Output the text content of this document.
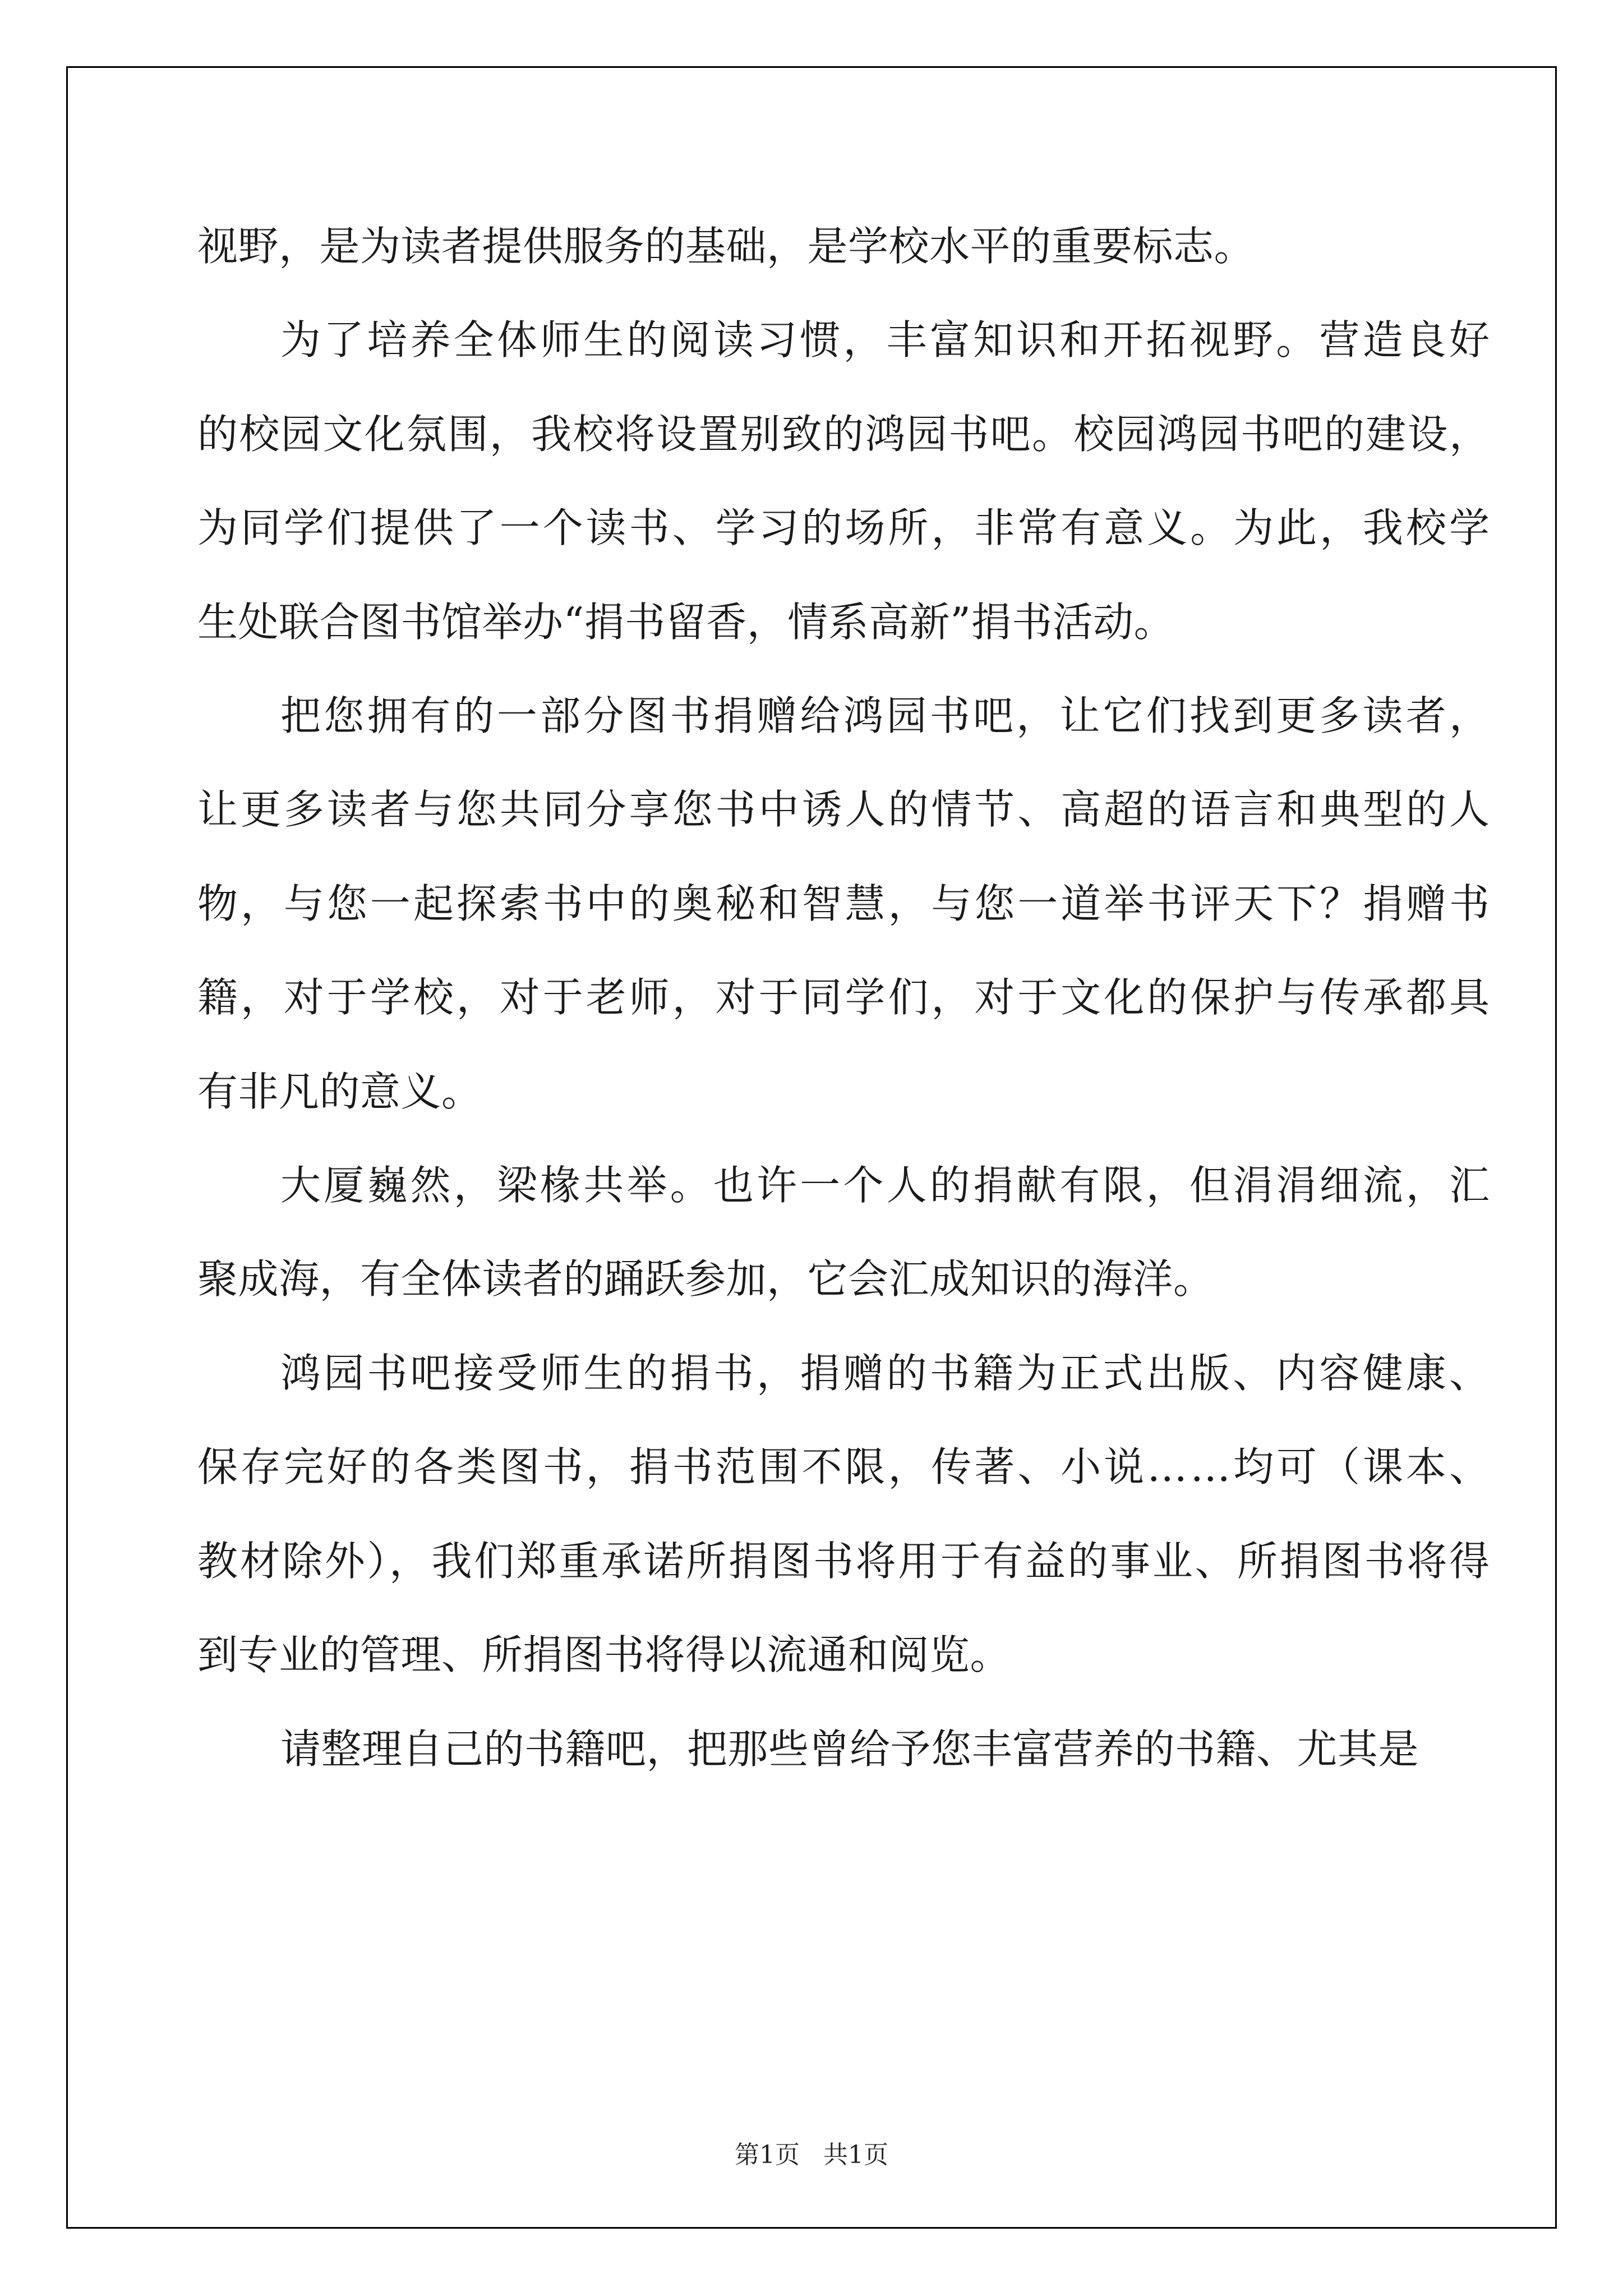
视野，是为读者提供服务的基础，是学校水平的重要标志。

为了培养全体师生的阅读习惯，丰富知识和开拓视野。营造良好
的校园文化氛围，我校将设置别致的鸿园书吧。校园鸿园书吧的建设，
为同学们提供了一个读书、学习的场所，非常有意义。为此，我校学
生处联合图书馆举办“捐书留香，情系高新”捐书活动。

把您拥有的一部分图书捐赠给鸿园书吧，让它们找到更多读者，
让更多读者与您共同分享您书中诱人的情节、高超的语言和典型的人
物，与您一起探索书中的奥秘和智慧，与您一道举书评天下？捐赠书
籍，对于学校，对于老师，对于同学们，对于文化的保护与传承都具
有非凡的意义。

大厦巍然，梁椽共举。也许一个人的捐献有限，但涓涓细流，汇
聚成海，有全体读者的踊跃参加，它会汇成知识的海洋。

鸿园书吧接受师生的捐书，捐赠的书籍为正式出版、内容健康、
保存完好的各类图书，捐书范围不限，传著、小说……均可（课本、
教材除外），我们郑重承诺所捐图书将用于有益的事业、所捐图书将得
到专业的管理、所捐图书将得以流通和阅览。

请整理自己的书籍吧，把那些曾给予您丰富营养的书籍、尤其是

第1页 共1页
